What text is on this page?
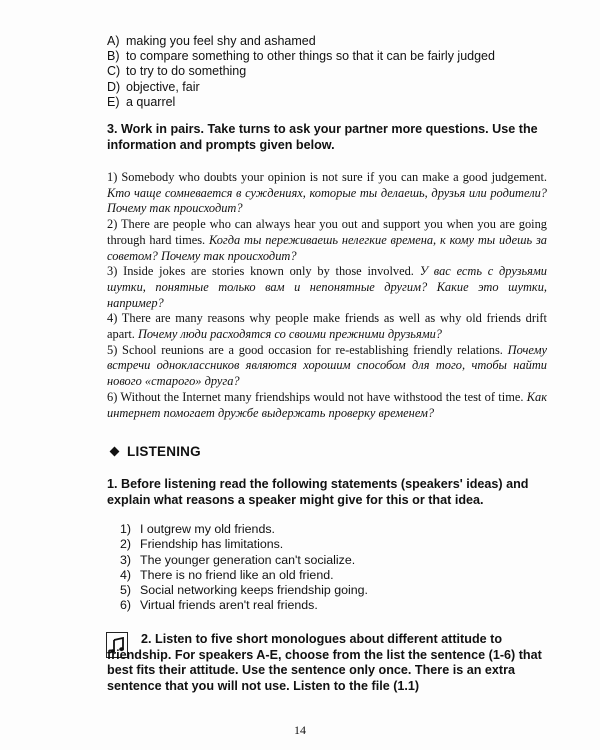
A) making you feel shy and ashamed
B) to compare something to other things so that it can be fairly judged
C) to try to do something
D) objective, fair
E) a quarrel
3. Work in pairs. Take turns to ask your partner more questions. Use the information and prompts given below.

1) Somebody who doubts your opinion is not sure if you can make a good judgement. Кто чаще сомневается в суждениях, которые ты делаешь, друзья или родители? Почему так происходит?

2) There are people who can always hear you out and support you when you are going through hard times. Когда ты переживаешь нелегкие времена, к кому ты идешь за советом? Почему так происходит?

3) Inside jokes are stories known only by those involved. У вас есть с друзьями шутки, понятные только вам и непонятные другим? Какие это шутки, например?

4) There are many reasons why people make friends as well as why old friends drift apart. Почему люди расходятся со своими прежними друзьями?

5) School reunions are a good occasion for re-establishing friendly relations. Почему встречи одноклассников являются хорошим способом для того, чтобы найти нового «старого» друга?

6) Without the Internet many friendships would not have withstood the test of time. Как интернет помогает дружбе выдержать проверку временем?

LISTENING
1. Before listening read the following statements (speakers' ideas) and explain what reasons a speaker might give for this or that idea.
1) I outgrew my old friends.
2) Friendship has limitations.
3) The younger generation can't socialize.
4) There is no friend like an old friend.
5) Social networking keeps friendship going.
6) Virtual friends aren't real friends.
2. Listen to five short monologues about different attitude to friendship. For speakers A-E, choose from the list the sentence (1-6) that best fits their attitude. Use the sentence only once. There is an extra sentence that you will not use. Listen to the file (1.1)
14
